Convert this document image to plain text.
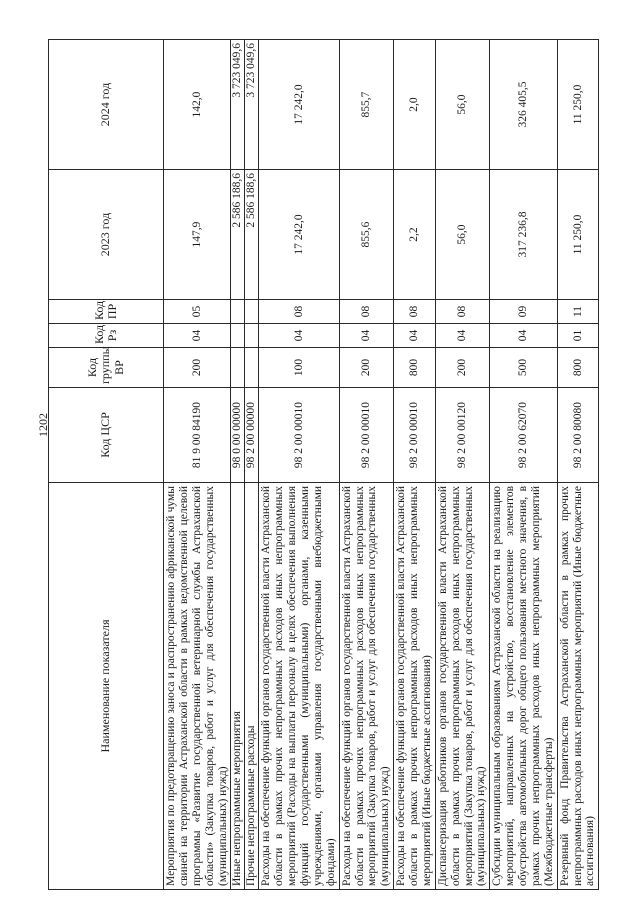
1202
Наименование показателя	Код ЦСР	Код группы ВР	Код Рз	Код ПР	2023 год	2024 год
Мероприятия по предотвращению заноса и распространению африканской чумы свиней на территории Астраханской области в рамках ведомственной целевой программы «Развитие государственной ветеринарной службы Астраханской области» (Закупка товаров, работ и услуг для обеспечения государственных (муниципальных) нужд)	81 9 00 84190	200	04	05	147,9	142,0
Иные непрограммные мероприятия	98 0 00 00000				2 586 188,6	3 723 049,6
Прочие непрограммные расходы	98 2 00 00000				2 586 188,6	3 723 049,6
Расходы на обеспечение функций органов государственной власти Астраханской области в рамках прочих непрограммных расходов иных непрограммных мероприятий (Расходы на выплаты персоналу в целях обеспечения выполнения функций государственными (муниципальными) органами, казенными учреждениями, органами управления государственными внебюджетными фондами)	98 2 00 00010	100	04	08	17 242,0	17 242,0
Расходы на обеспечение функций органов государственной власти Астраханской области в рамках прочих непрограммных расходов иных непрограммных мероприятий (Закупка товаров, работ и услуг для обеспечения государственных (муниципальных) нужд)	98 2 00 00010	200	04	08	855,6	855,7
Расходы на обеспечение функций органов государственной власти Астраханской области в рамках прочих непрограммных расходов иных непрограммных мероприятий (Иные бюджетные ассигнования)	98 2 00 00010	800	04	08	2,2	2,0
Диспансеризация работников органов государственной власти Астраханской области в рамках прочих непрограммных расходов иных непрограммных мероприятий (Закупка товаров, работ и услуг для обеспечения государственных (муниципальных) нужд)	98 2 00 00120	200	04	08	56,0	56,0
Субсидии муниципальным образованиям Астраханской области на реализацию мероприятий, направленных на устройство, восстановление элементов обустройства автомобильных дорог общего пользования местного значения, в рамках прочих непрограммных расходов иных непрограммных мероприятий (Межбюджетные трансферты)	98 2 00 62070	500	04	09	317 236,8	326 405,5
Резервный фонд Правительства Астраханской области в рамках прочих непрограммных расходов иных непрограммных мероприятий (Иные бюджетные ассигнования)	98 2 00 80080	800	01	11	11 250,0	11 250,0
